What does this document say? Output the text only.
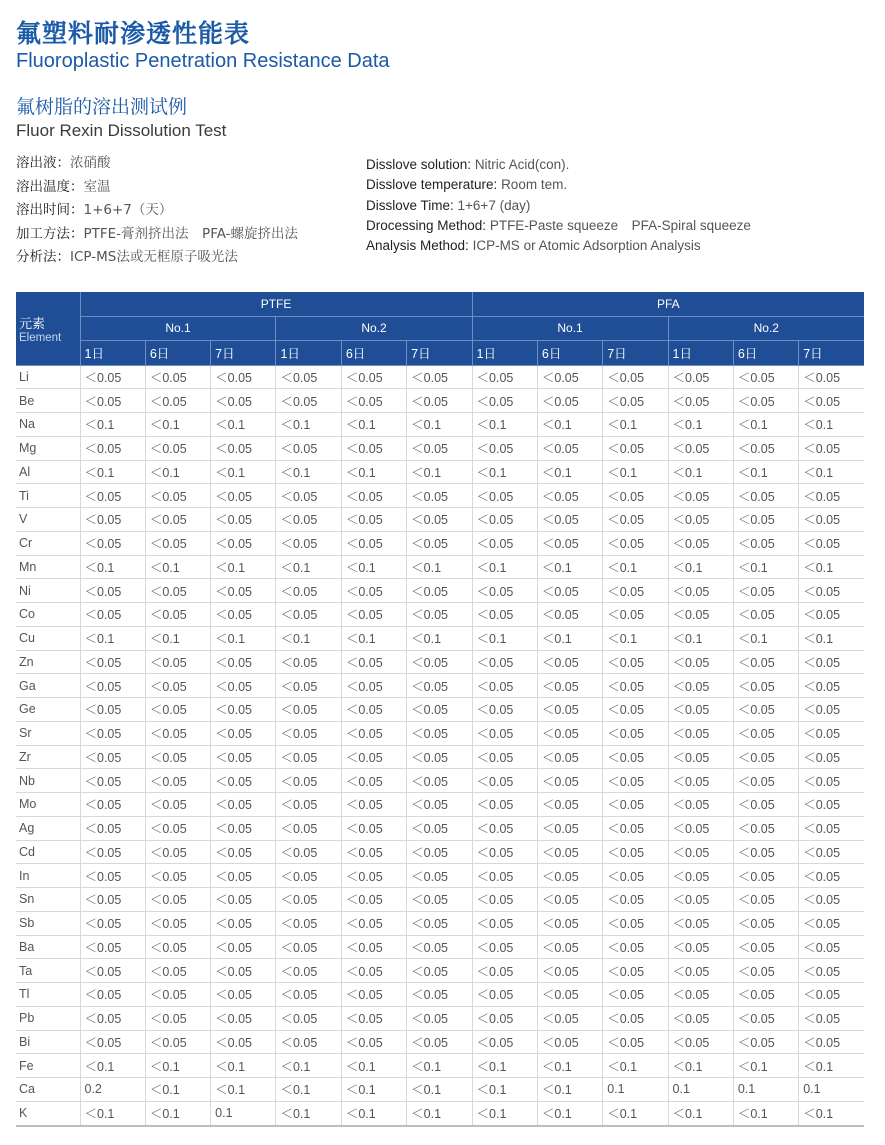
氟塑料耐渗透性能表
Fluoroplastic Penetration Resistance Data
氟树脂的溶出测试例
Fluor Rexin Dissolution Test
溶出液：浓硝酸
溶出温度：室温
溶出时间：1+6+7（天）
加工方法：PTFE-膏剂挤出法　PFA-螺旋挤出法
分析法：ICP-MS法或无框原子吸光法
Disslove solution: Nitric Acid(con).
Disslove temperature: Room tem.
Disslove Time: 1+6+7 (day)
Drocessing Method: PTFE-Paste squeeze　PFA-Spiral squeeze
Analysis Method: ICP-MS or Atomic Adsorption Analysis
元素
Element	PTFE						PFA					
	No.1			No.2			No.1			No.2		
	1日	6日	7日	1日	6日	7日	1日	6日	7日	1日	6日	7日
Li	＜0.05	＜0.05	＜0.05	＜0.05	＜0.05	＜0.05	＜0.05	＜0.05	＜0.05	＜0.05	＜0.05	＜0.05
Be	＜0.05	＜0.05	＜0.05	＜0.05	＜0.05	＜0.05	＜0.05	＜0.05	＜0.05	＜0.05	＜0.05	＜0.05
Na	＜0.1	＜0.1	＜0.1	＜0.1	＜0.1	＜0.1	＜0.1	＜0.1	＜0.1	＜0.1	＜0.1	＜0.1
Mg	＜0.05	＜0.05	＜0.05	＜0.05	＜0.05	＜0.05	＜0.05	＜0.05	＜0.05	＜0.05	＜0.05	＜0.05
Al	＜0.1	＜0.1	＜0.1	＜0.1	＜0.1	＜0.1	＜0.1	＜0.1	＜0.1	＜0.1	＜0.1	＜0.1
Ti	＜0.05	＜0.05	＜0.05	＜0.05	＜0.05	＜0.05	＜0.05	＜0.05	＜0.05	＜0.05	＜0.05	＜0.05
V	＜0.05	＜0.05	＜0.05	＜0.05	＜0.05	＜0.05	＜0.05	＜0.05	＜0.05	＜0.05	＜0.05	＜0.05
Cr	＜0.05	＜0.05	＜0.05	＜0.05	＜0.05	＜0.05	＜0.05	＜0.05	＜0.05	＜0.05	＜0.05	＜0.05
Mn	＜0.1	＜0.1	＜0.1	＜0.1	＜0.1	＜0.1	＜0.1	＜0.1	＜0.1	＜0.1	＜0.1	＜0.1
Ni	＜0.05	＜0.05	＜0.05	＜0.05	＜0.05	＜0.05	＜0.05	＜0.05	＜0.05	＜0.05	＜0.05	＜0.05
Co	＜0.05	＜0.05	＜0.05	＜0.05	＜0.05	＜0.05	＜0.05	＜0.05	＜0.05	＜0.05	＜0.05	＜0.05
Cu	＜0.1	＜0.1	＜0.1	＜0.1	＜0.1	＜0.1	＜0.1	＜0.1	＜0.1	＜0.1	＜0.1	＜0.1
Zn	＜0.05	＜0.05	＜0.05	＜0.05	＜0.05	＜0.05	＜0.05	＜0.05	＜0.05	＜0.05	＜0.05	＜0.05
Ga	＜0.05	＜0.05	＜0.05	＜0.05	＜0.05	＜0.05	＜0.05	＜0.05	＜0.05	＜0.05	＜0.05	＜0.05
Ge	＜0.05	＜0.05	＜0.05	＜0.05	＜0.05	＜0.05	＜0.05	＜0.05	＜0.05	＜0.05	＜0.05	＜0.05
Sr	＜0.05	＜0.05	＜0.05	＜0.05	＜0.05	＜0.05	＜0.05	＜0.05	＜0.05	＜0.05	＜0.05	＜0.05
Zr	＜0.05	＜0.05	＜0.05	＜0.05	＜0.05	＜0.05	＜0.05	＜0.05	＜0.05	＜0.05	＜0.05	＜0.05
Nb	＜0.05	＜0.05	＜0.05	＜0.05	＜0.05	＜0.05	＜0.05	＜0.05	＜0.05	＜0.05	＜0.05	＜0.05
Mo	＜0.05	＜0.05	＜0.05	＜0.05	＜0.05	＜0.05	＜0.05	＜0.05	＜0.05	＜0.05	＜0.05	＜0.05
Ag	＜0.05	＜0.05	＜0.05	＜0.05	＜0.05	＜0.05	＜0.05	＜0.05	＜0.05	＜0.05	＜0.05	＜0.05
Cd	＜0.05	＜0.05	＜0.05	＜0.05	＜0.05	＜0.05	＜0.05	＜0.05	＜0.05	＜0.05	＜0.05	＜0.05
In	＜0.05	＜0.05	＜0.05	＜0.05	＜0.05	＜0.05	＜0.05	＜0.05	＜0.05	＜0.05	＜0.05	＜0.05
Sn	＜0.05	＜0.05	＜0.05	＜0.05	＜0.05	＜0.05	＜0.05	＜0.05	＜0.05	＜0.05	＜0.05	＜0.05
Sb	＜0.05	＜0.05	＜0.05	＜0.05	＜0.05	＜0.05	＜0.05	＜0.05	＜0.05	＜0.05	＜0.05	＜0.05
Ba	＜0.05	＜0.05	＜0.05	＜0.05	＜0.05	＜0.05	＜0.05	＜0.05	＜0.05	＜0.05	＜0.05	＜0.05
Ta	＜0.05	＜0.05	＜0.05	＜0.05	＜0.05	＜0.05	＜0.05	＜0.05	＜0.05	＜0.05	＜0.05	＜0.05
Tl	＜0.05	＜0.05	＜0.05	＜0.05	＜0.05	＜0.05	＜0.05	＜0.05	＜0.05	＜0.05	＜0.05	＜0.05
Pb	＜0.05	＜0.05	＜0.05	＜0.05	＜0.05	＜0.05	＜0.05	＜0.05	＜0.05	＜0.05	＜0.05	＜0.05
Bi	＜0.05	＜0.05	＜0.05	＜0.05	＜0.05	＜0.05	＜0.05	＜0.05	＜0.05	＜0.05	＜0.05	＜0.05
Fe	＜0.1	＜0.1	＜0.1	＜0.1	＜0.1	＜0.1	＜0.1	＜0.1	＜0.1	＜0.1	＜0.1	＜0.1
Ca	0.2	＜0.1	＜0.1	＜0.1	＜0.1	＜0.1	＜0.1	＜0.1	0.1	0.1	0.1	0.1
K	＜0.1	＜0.1	0.1	＜0.1	＜0.1	＜0.1	＜0.1	＜0.1	＜0.1	＜0.1	＜0.1	＜0.1
